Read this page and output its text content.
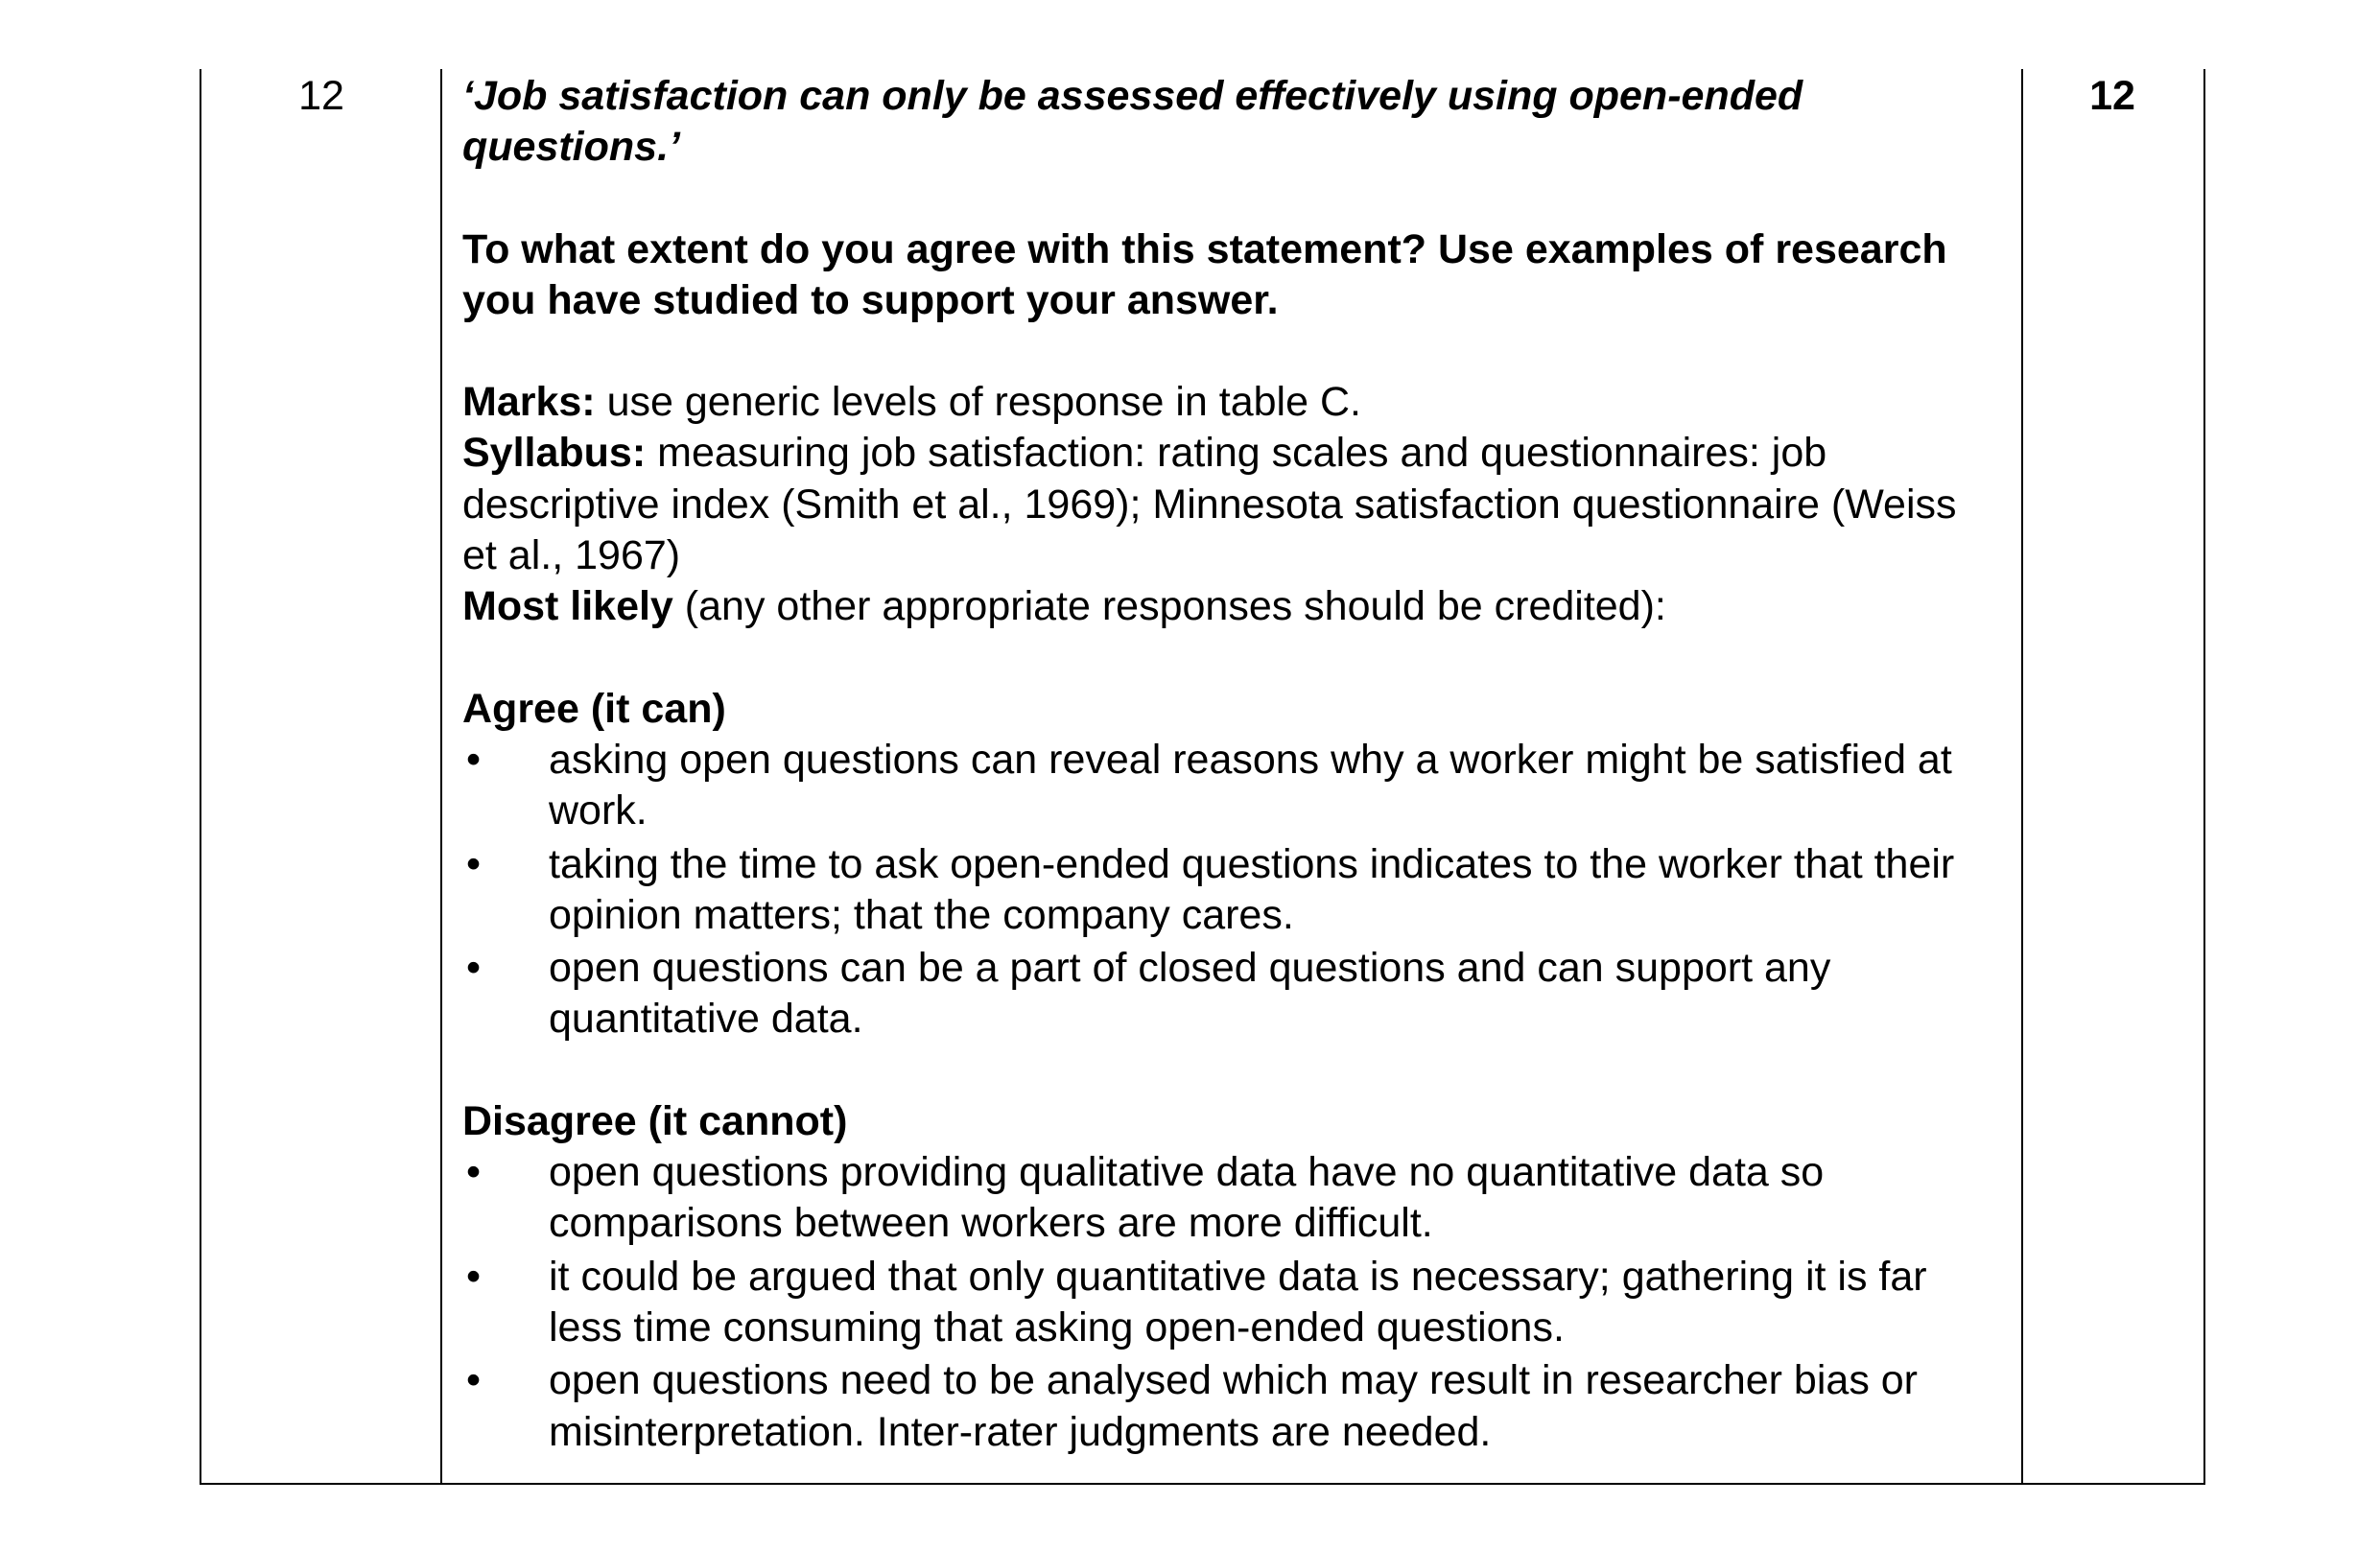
12	‘Job satisfaction can only be assessed effectively using open-ended questions.’

To what extent do you agree with this statement? Use examples of research you have studied to support your answer.

Marks: use generic levels of response in table C.

Syllabus: measuring job satisfaction: rating scales and questionnaires: job descriptive index (Smith et al., 1969); Minnesota satisfaction questionnaire (Weiss et al., 1967)

Most likely (any other appropriate responses should be credited):

Agree (it can)

•	asking open questions can reveal reasons why a worker might be satisfied at work.
•	taking the time to ask open-ended questions indicates to the worker that their opinion matters; that the company cares.
•	open questions can be a part of closed questions and can support any quantitative data.

Disagree (it cannot)

•	open questions providing qualitative data have no quantitative data so comparisons between workers are more difficult.
•	it could be argued that only quantitative data is necessary; gathering it is far less time consuming that asking open-ended questions.
•	open questions need to be analysed which may result in researcher bias or misinterpretation. Inter-rater judgments are needed.
12
